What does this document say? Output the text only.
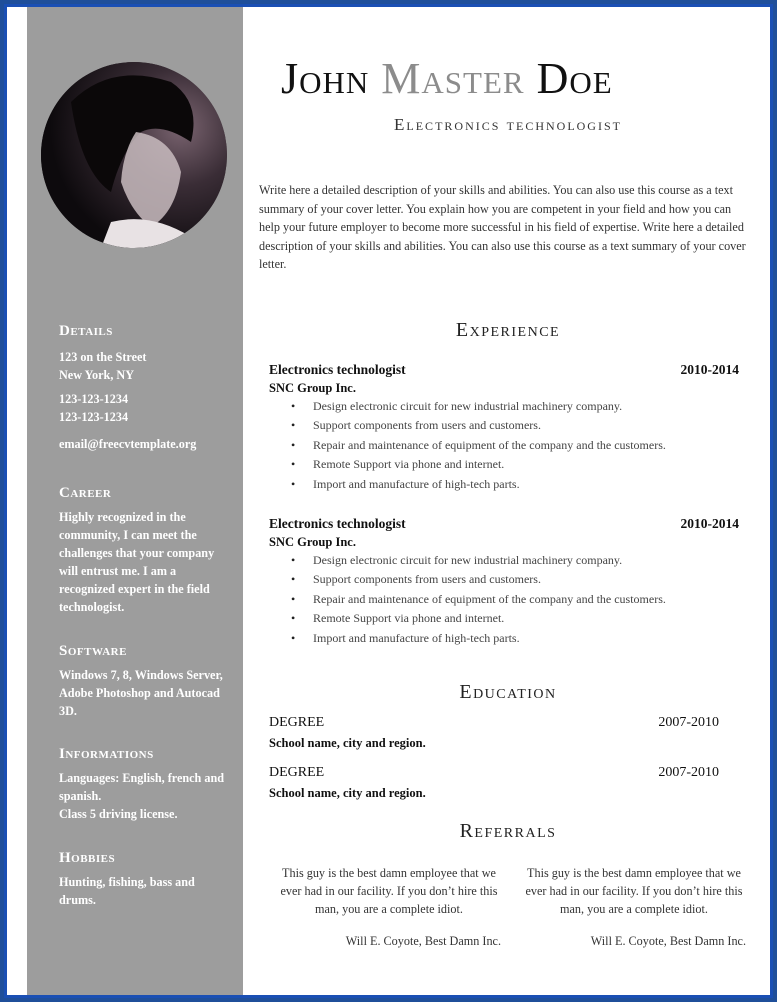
Details

123 on the Street

New York, NY

123-123-1234

123-123-1234

email@freecvtemplate.org

Career

Highly recognized in the community, I can meet the challenges that your company will entrust me. I am a recognized expert in the field technologist.

Software

Windows 7, 8, Windows Server, Adobe Photoshop and Autocad 3D.

Informations

Languages: English, french and spanish.

Class 5 driving license.

Hobbies

Hunting, fishing, bass and drums.

John Master Doe
Electronics technologist
Write here a detailed description of your skills and abilities. You can also use this course as a text summary of your cover letter. You explain how you are competent in your field and how you can help your future employer to become more successful in his field of expertise. Write here a detailed description of your skills and abilities. You can also use this course as a text summary of your cover letter.
Experience
Electronics technologist	2010-2014
SNC Group Inc.
• Design electronic circuit for new industrial machinery company.
• Support components from users and customers.
• Repair and maintenance of equipment of the company and the customers.
• Remote Support via phone and internet.
• Import and manufacture of high-tech parts.
Electronics technologist	2010-2014
SNC Group Inc.
• Design electronic circuit for new industrial machinery company.
• Support components from users and customers.
• Repair and maintenance of equipment of the company and the customers.
• Remote Support via phone and internet.
• Import and manufacture of high-tech parts.
Education
DEGREE	2007-2010
School name, city and region.
DEGREE	2007-2010
School name, city and region.
Referrals
This guy is the best damn employee that we ever had in our facility. If you don’t hire this man, you are a complete idiot.
Will E. Coyote, Best Damn Inc.
This guy is the best damn employee that we ever had in our facility. If you don’t hire this man, you are a complete idiot.
Will E. Coyote, Best Damn Inc.
